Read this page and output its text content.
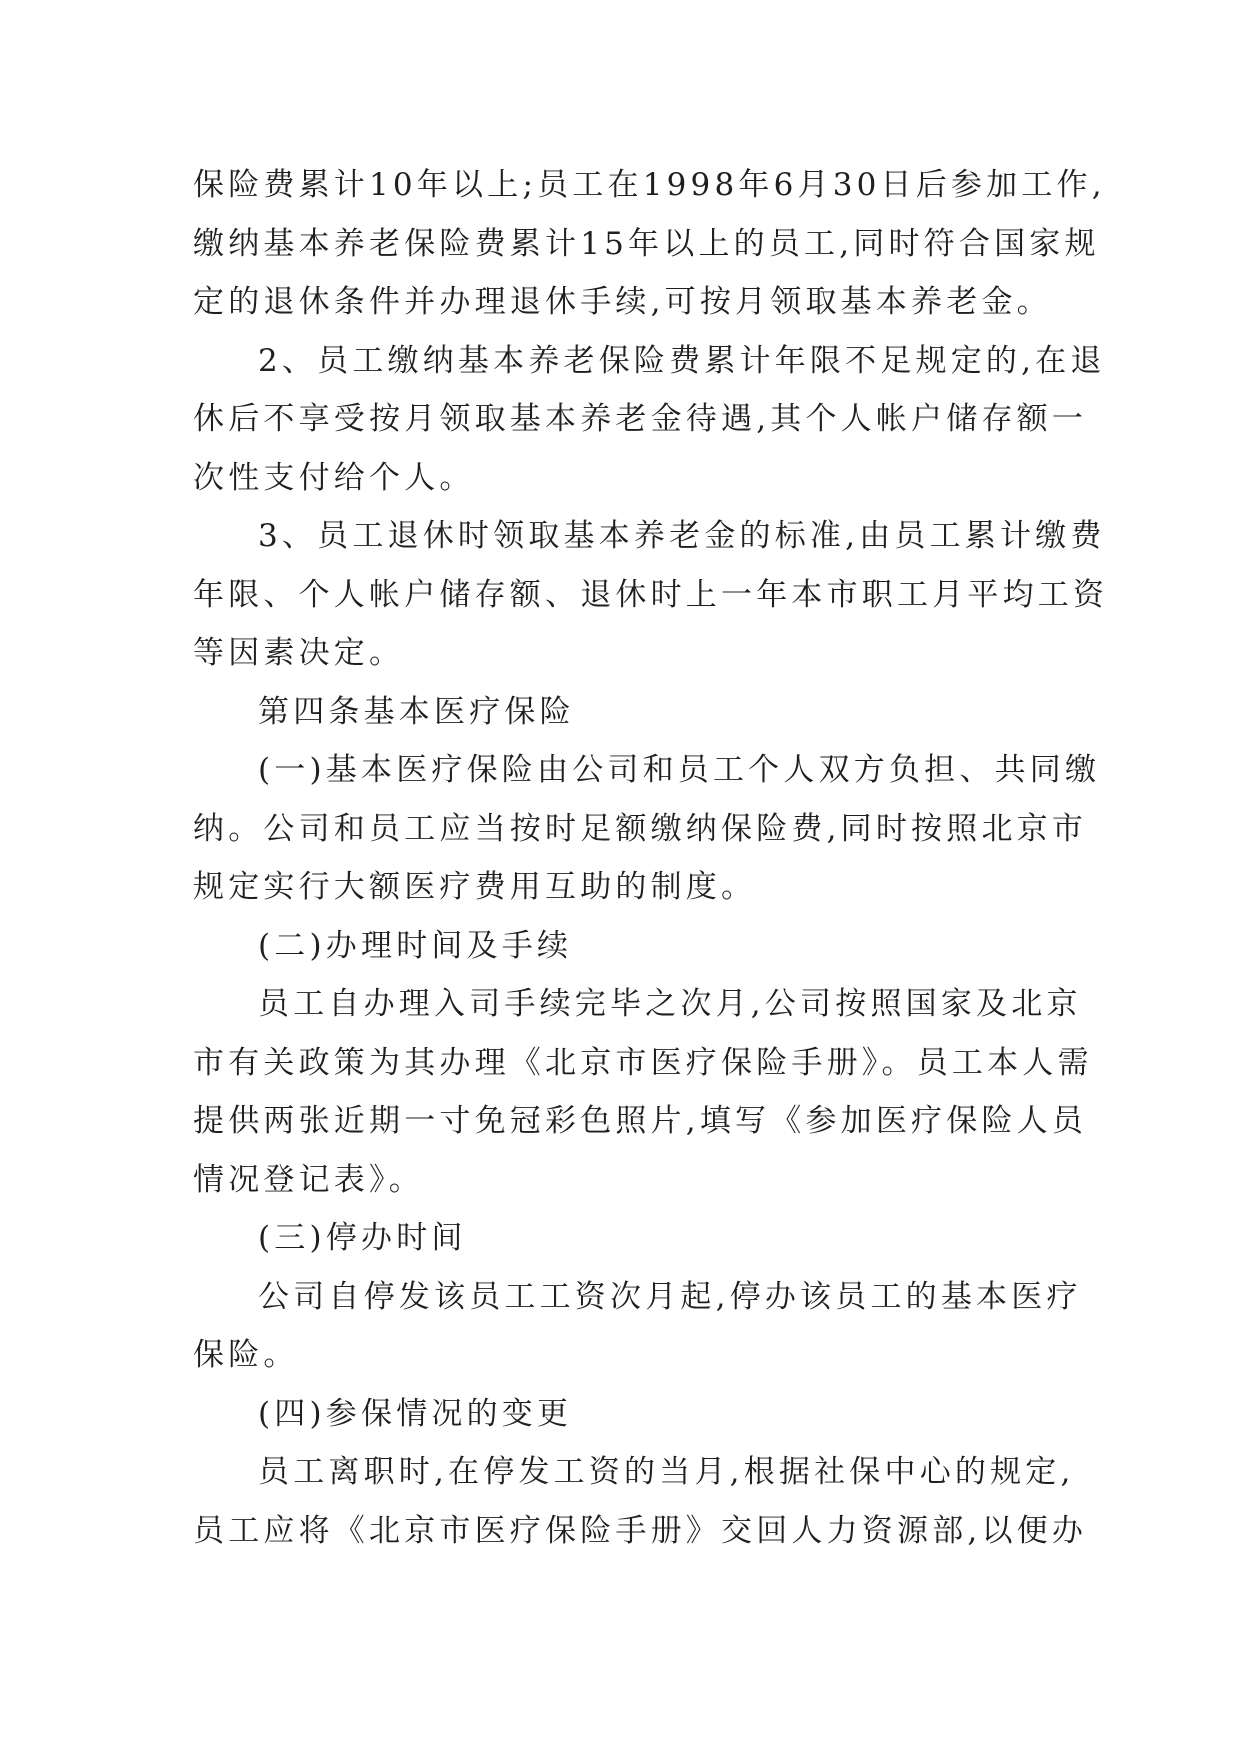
保险费累计10年以上;员工在1998年6月30日后参加工作,
缴纳基本养老保险费累计15年以上的员工,同时符合国家规
定的退休条件并办理退休手续,可按月领取基本养老金。
2、员工缴纳基本养老保险费累计年限不足规定的,在退
休后不享受按月领取基本养老金待遇,其个人帐户储存额一
次性支付给个人。
3、员工退休时领取基本养老金的标准,由员工累计缴费
年限、个人帐户储存额、退休时上一年本市职工月平均工资
等因素决定。
第四条基本医疗保险
(一)基本医疗保险由公司和员工个人双方负担、共同缴
纳。公司和员工应当按时足额缴纳保险费,同时按照北京市
规定实行大额医疗费用互助的制度。
(二)办理时间及手续
员工自办理入司手续完毕之次月,公司按照国家及北京
市有关政策为其办理《北京市医疗保险手册》。员工本人需
提供两张近期一寸免冠彩色照片,填写《参加医疗保险人员
情况登记表》。
(三)停办时间
公司自停发该员工工资次月起,停办该员工的基本医疗
保险。
(四)参保情况的变更
员工离职时,在停发工资的当月,根据社保中心的规定,
员工应将《北京市医疗保险手册》交回人力资源部,以便办
